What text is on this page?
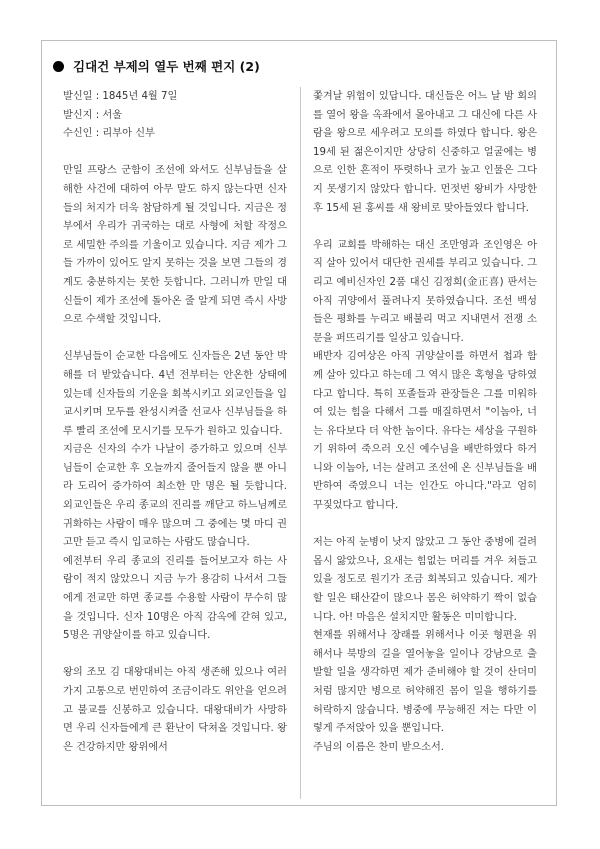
김대건 부제의 열두 번째 편지 (2)

발신일 : 1845년 4월 7일

발신지 : 서울

수신인 : 리부아 신부

만일 프랑스 군함이 조선에 와서도 신부님들을 살해한 사건에 대하여 아무 말도 하지 않는다면 신자들의 처지가 더욱 참담하게 될 것입니다. 지금은 정부에서 우리가 귀국하는 대로 사형에 처할 작정으로 세밀한 주의를 기울이고 있습니다. 지금 제가 그들 가까이 있어도 알지 못하는 것을 보면 그들의 경계도 충분하지는 못한 듯합니다. 그러니까 만일 대신들이 제가 조선에 돌아온 줄 알게 되면 즉시 사방으로 수색할 것입니다.

신부님들이 순교한 다음에도 신자들은 2년 동안 박해를 더 받았습니다. 4년 전부터는 안온한 상태에 있는데 신자들의 기운을 회복시키고 외교인들을 입교시키며 모두를 완성시켜줄 선교사 신부님들을 하루 빨리 조선에 모시기를 모두가 원하고 있습니다.

지금은 신자의 수가 나날이 증가하고 있으며 신부님들이 순교한 후 오늘까지 줄어들지 않을 뿐 아니라 도리어 증가하여 최소한 만 명은 될 듯합니다. 외교인들은 우리 종교의 진리를 깨닫고 하느님께로 귀화하는 사람이 매우 많으며 그 중에는 몇 마디 권고만 듣고 즉시 입교하는 사람도 많습니다.

예전부터 우리 종교의 진리를 들어보고자 하는 사람이 적지 않았으니 지금 누가 용감히 나서서 그들에게 전교만 하면 종교를 수용할 사람이 무수히 많을 것입니다. 신자 10명은 아직 감옥에 갇혀 있고, 5명은 귀양살이를 하고 있습니다.

왕의 조모 김 대왕대비는 아직 생존해 있으나 여러 가지 고통으로 번민하여 조금이라도 위안을 얻으려고 불교를 신봉하고 있습니다. 대왕대비가 사망하면 우리 신자들에게 큰 환난이 닥쳐올 것입니다. 왕은 건강하지만 왕위에서

쫓겨날 위험이 있답니다. 대신들은 어느 날 밤 회의를 열어 왕을 옥좌에서 몰아내고 그 대신에 다른 사람을 왕으로 세우려고 모의를 하였다 합니다. 왕은 19세 된 젊은이지만 상당히 신중하고 얼굴에는 병으로 인한 흔적이 뚜렷하나 코가 높고 인물은 그다지 못생기지 않았다 합니다. 먼젓번 왕비가 사망한 후 15세 된 홍씨를 새 왕비로 맞아들였다 합니다.

우리 교회를 박해하는 대신 조만영과 조인영은 아직 살아 있어서 대단한 권세를 부리고 있습니다. 그리고 예비신자인 2품 대신 김정희(金正喜) 판서는 아직 귀양에서 풀려나지 못하였습니다. 조선 백성들은 평화를 누리고 배불리 먹고 지내면서 전쟁 소문을 퍼뜨리기를 일삼고 있습니다.

배반자 김여상은 아직 귀양살이를 하면서 첩과 함께 살아 있다고 하는데 그 역시 많은 혹형을 당하였다고 합니다. 특히 포졸들과 관장들은 그를 미워하여 있는 힘을 다해서 그를 매질하면서 "이놈아, 너는 유다보다 더 악한 놈이다. 유다는 세상을 구원하기 위하여 죽으러 오신 예수님을 배반하였다 하거니와 이놈아, 너는 살려고 조선에 온 신부님들을 배반하여 죽였으니 너는 인간도 아니다."라고 엄히 꾸짖었다고 합니다.

저는 아직 눈병이 낫지 않았고 그 동안 중병에 걸려 몹시 앓았으나, 요새는 힘없는 머리를 겨우 쳐들고 있을 정도로 원기가 조금 회복되고 있습니다. 제가 할 일은 태산같이 많으나 몸은 허약하기 짝이 없습니다. 아! 마음은 설치지만 활동은 미미합니다.

현재를 위해서나 장래를 위해서나 이곳 형편을 위해서나 북방의 길을 열어놓을 일이나 강남으로 출발할 일을 생각하면 제가 준비해야 할 것이 산더미처럼 많지만 병으로 허약해진 몸이 일을 행하기를 허락하지 않습니다. 병중에 무능해진 저는 다만 이렇게 주저앉아 있을 뿐입니다.

주님의 이름은 찬미 받으소서.
